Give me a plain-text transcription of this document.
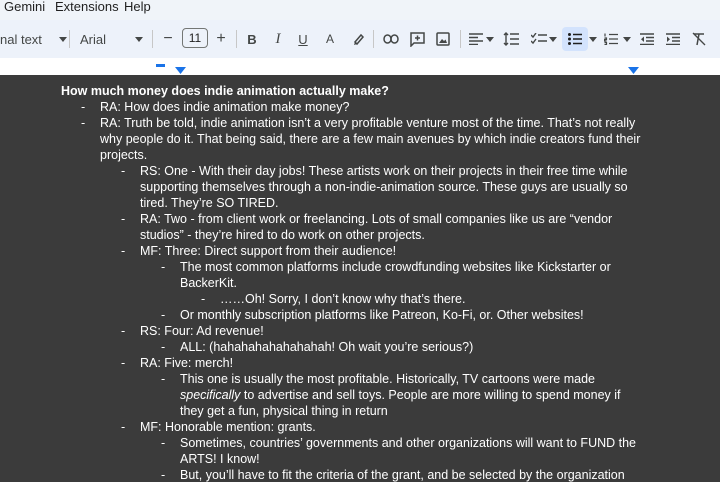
Gemini Extensions Help
nal text	Arial	−	11 + B I U A
How much money does indie animation actually make?
- RA: How does indie animation make money?
- RA: Truth be told, indie animation isn’t a very profitable venture most of the time. That’s not really
why people do it. That being said, there are a few main avenues by which indie creators fund their
projects.
- RS: One - With their day jobs! These artists work on their projects in their free time while
supporting themselves through a non-indie-animation source. These guys are usually so
tired. They’re SO TIRED.
- RA: Two - from client work or freelancing. Lots of small companies like us are “vendor
studios” - they’re hired to do work on other projects.
- MF: Three: Direct support from their audience!
- The most common platforms include crowdfunding websites like Kickstarter or
BackerKit.
- ……Oh! Sorry, I don’t know why that’s there.
- Or monthly subscription platforms like Patreon, Ko-Fi, or. Other websites!
- RS: Four: Ad revenue!
- ALL: (hahahahahahahahah! Oh wait you’re serious?)
- RA: Five: merch!
- This one is usually the most profitable. Historically, TV cartoons were made
specifically to advertise and sell toys. People are more willing to spend money if
they get a fun, physical thing in return
- MF: Honorable mention: grants.
- Sometimes, countries’ governments and other organizations will want to FUND the
ARTS! I know!
- But, you’ll have to fit the criteria of the grant, and be selected by the organization
